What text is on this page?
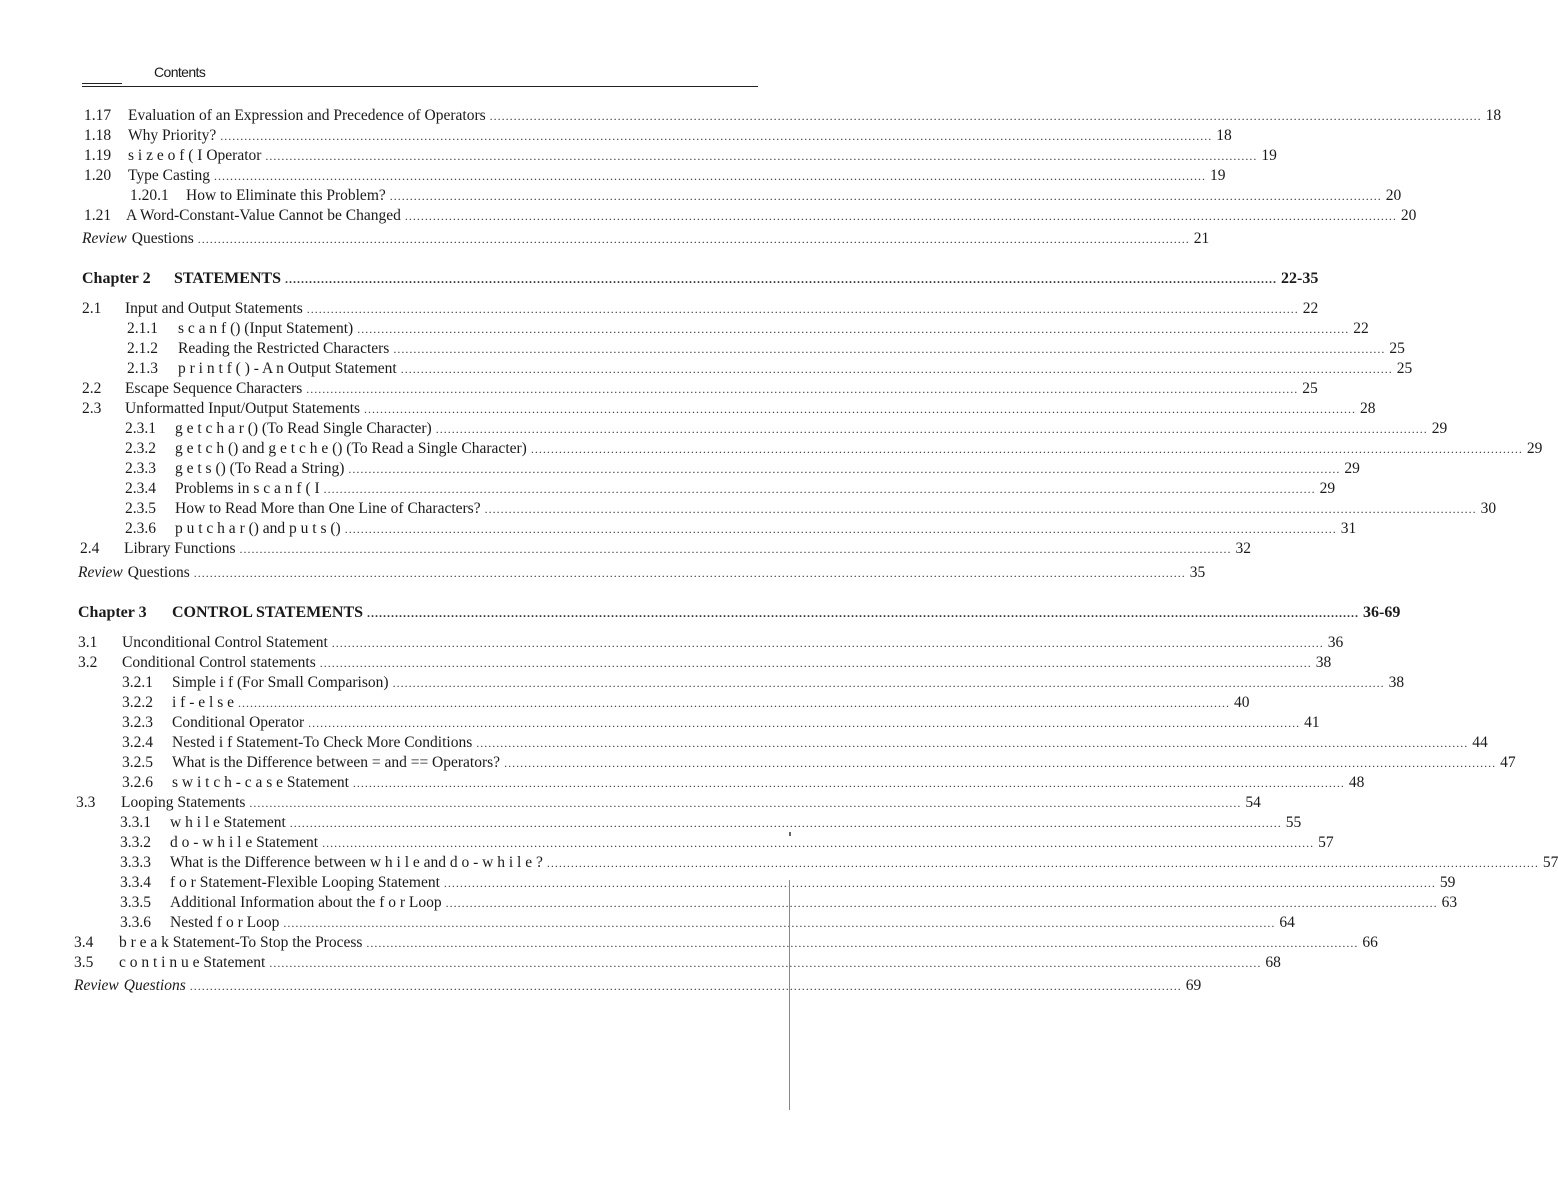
Contents
1.17	Evaluation of an Expression and Precedence of Operators .....	18
1.18	Why Priority? .....	18
1.19	s i z e o f ( I Operator .....	19
1.20	Type Casting .....	19
1.20.1	How to Eliminate this Problem? .....	20
1.21 A Word-Constant-Value Cannot be Changed .....	20
Review Questions .....	21
Chapter 2	STATEMENTS .....	22-35
2.1	Input and Output Statements .....	22
2.1.1	s c a n f () (Input Statement) .....	22
2.1.2	Reading the Restricted Characters .....	25
2.1.3	p r i n t f ( ) - A n Output Statement .....	25
2.2	Escape Sequence Characters .....	25
2.3	Unformatted Input/Output Statements .....	28
2.3.1	g e t c h a r () (To Read Single Character) .....	29
2.3.2	g e t c h () and g e t c h e () (To Read a Single Character) .....	29
2.3.3	g e t s () (To Read a String) .....	29
2.3.4	Problems in s c a n f ( I .....	29
2.3.5	How to Read More than One Line of Characters? .....	30
2.3.6	p u t c h a r () and p u t s () .....	31
2.4	Library Functions .....	32
Review Questions .....	35
Chapter 3	CONTROL STATEMENTS .....	36-69
3.1	Unconditional Control Statement .....	36
3.2	Conditional Control statements .....	38
3.2.1	Simple i f (For Small Comparison) .....	38
3.2.2	i f - e l s e .....	40
3.2.3	Conditional Operator .....	41
3.2.4	Nested i f Statement-To Check More Conditions .....	44
3.2.5	What is the Difference between = and == Operators? .....	47
3.2.6	s w i t c h - c a s e Statement .....	48
3.3	Looping Statements .....	54
3.3.1	w h i l e Statement .....	55
3.3.2	d o - w h i l e Statement .....	57
3.3.3	What is the Difference between w h i l e and d o - w h i l e ? .....	57
3.3.4	f o r Statement-Flexible Looping Statement .....	59
3.3.5	Additional Information about the f o r Loop .....	63
3.3.6	Nested f o r Loop .....	64
3.4	b r e a k Statement-To Stop the Process .....	66
3.5	c o n t i n u e Statement .....	68
Review Questions .....	69
